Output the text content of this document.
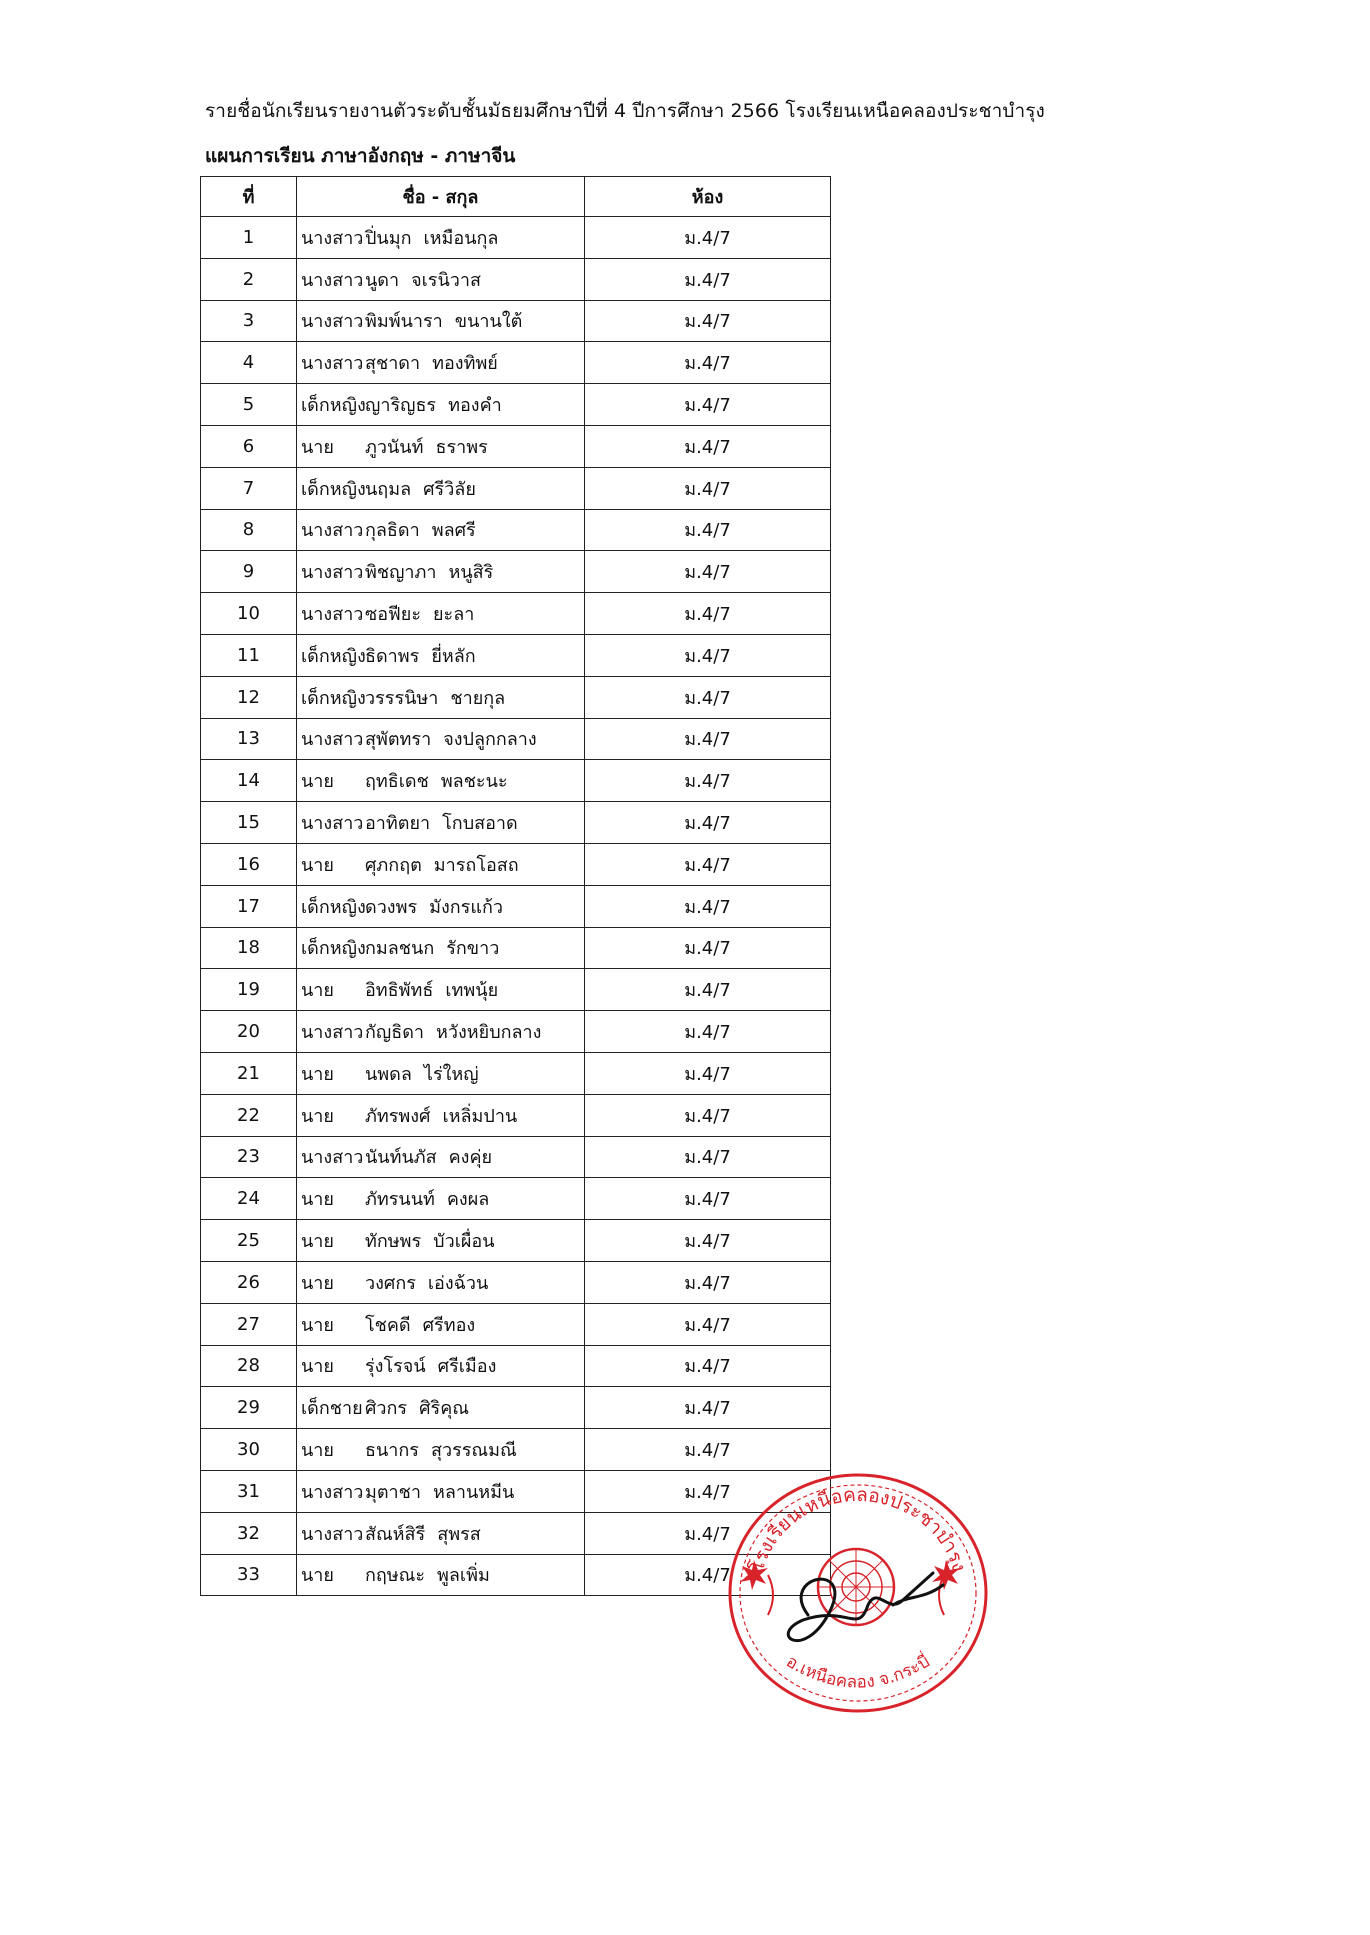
รายชื่อนักเรียนรายงานตัวระดับชั้นมัธยมศึกษาปีที่ 4 ปีการศึกษา 2566 โรงเรียนเหนือคลองประชาบำรุง
แผนการเรียน ภาษาอังกฤษ - ภาษาจีน
ที่	ชื่อ - สกุล	ห้อง
1	นางสาวปิ่นมุก เหมือนกุล	ม.4/7
2	นางสาวนูดา จเรนิวาส	ม.4/7
3	นางสาวพิมพ์นารา ขนานใต้	ม.4/7
4	นางสาวสุชาดา ทองทิพย์	ม.4/7
5	เด็กหญิงญาริญธร ทองคำ	ม.4/7
6	นาย ภูวนันท์ ธราพร	ม.4/7
7	เด็กหญิงนฤมล ศรีวิลัย	ม.4/7
8	นางสาวกุลธิดา พลศรี	ม.4/7
9	นางสาวพิชญาภา หนูสิริ	ม.4/7
10	นางสาวซอฟียะ ยะลา	ม.4/7
11	เด็กหญิงธิดาพร ยี่หลัก	ม.4/7
12	เด็กหญิงวรรรนิษา ชายกุล	ม.4/7
13	นางสาวสุพัตทรา จงปลูกกลาง	ม.4/7
14	นาย ฤทธิเดช พลชะนะ	ม.4/7
15	นางสาวอาทิตยา โกบสอาด	ม.4/7
16	นาย ศุภกฤต มารถโอสถ	ม.4/7
17	เด็กหญิงดวงพร มังกรแก้ว	ม.4/7
18	เด็กหญิงกมลชนก รักขาว	ม.4/7
19	นาย อิทธิพัทธ์ เทพนุ้ย	ม.4/7
20	นางสาวกัญธิดา หวังหยิบกลาง	ม.4/7
21	นาย นพดล ไร่ใหญ่	ม.4/7
22	นาย ภัทรพงศ์ เหลิ่มปาน	ม.4/7
23	นางสาวนันท์นภัส คงคุ่ย	ม.4/7
24	นาย ภัทรนนท์ คงผล	ม.4/7
25	นาย ทักษพร บัวเผื่อน	ม.4/7
26	นาย วงศกร เอ่งฉ้วน	ม.4/7
27	นาย โชคดี ศรีทอง	ม.4/7
28	นาย รุ่งโรจน์ ศรีเมือง	ม.4/7
29	เด็กชาย ศิวกร ศิริคุณ	ม.4/7
30	นาย ธนากร สุวรรณมณี	ม.4/7
31	นางสาวมุตาชา หลานหมีน	ม.4/7
32	นางสาวสัณห์สิรี สุพรส	ม.4/7
33	นาย กฤษณะ พูลเพิ่ม	ม.4/7 โรงเรียนเหนือคลองประชาบำรุง
อ.เหนือคลอง จ.กระบี่
